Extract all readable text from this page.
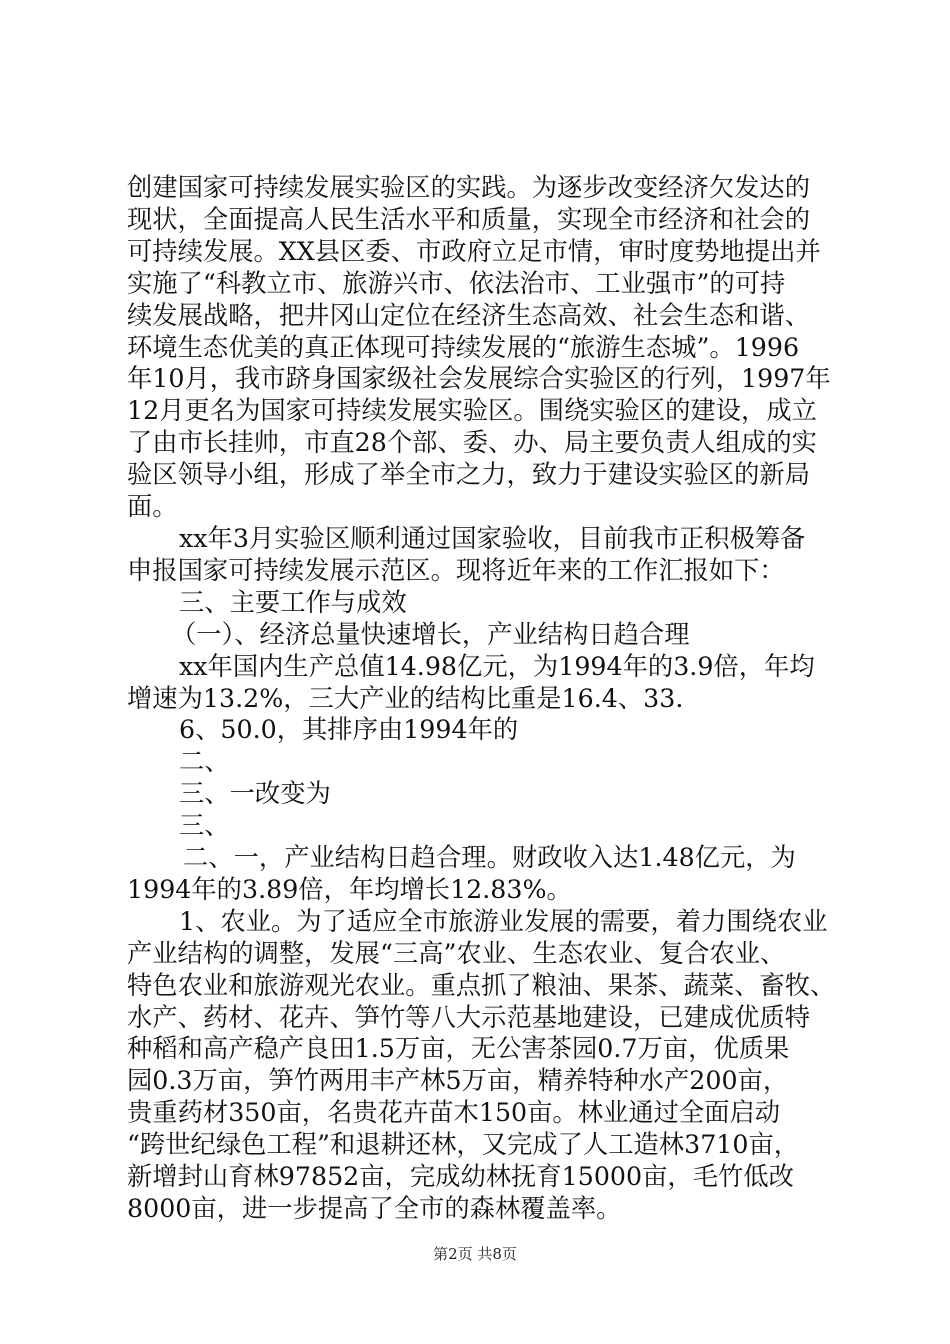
创建国家可持续发展实验区的实践。为逐步改变经济欠发达的
现状，全面提高人民生活水平和质量，实现全市经济和社会的
可持续发展。XX县区委、市政府立足市情，审时度势地提出并
实施了“科教立市、旅游兴市、依法治市、工业强市”的可持
续发展战略，把井冈山定位在经济生态高效、社会生态和谐、
环境生态优美的真正体现可持续发展的“旅游生态城”。1996
年10月，我市跻身国家级社会发展综合实验区的行列，1997年
12月更名为国家可持续发展实验区。围绕实验区的建设，成立
了由市长挂帅，市直28个部、委、办、局主要负责人组成的实
验区领导小组，形成了举全市之力，致力于建设实验区的新局
面。
xx年3月实验区顺利通过国家验收，目前我市正积极筹备
申报国家可持续发展示范区。现将近年来的工作汇报如下：
三、主要工作与成效
（一）、经济总量快速增长，产业结构日趋合理
xx年国内生产总值14.98亿元，为1994年的3.9倍，年均
增速为13.2%，三大产业的结构比重是16.4、33.
6、50.0，其排序由1994年的
二、
三、一改变为
三、
二、一，产业结构日趋合理。财政收入达1.48亿元，为
1994年的3.89倍，年均增长12.83%。
1、农业。为了适应全市旅游业发展的需要，着力围绕农业
产业结构的调整，发展“三高”农业、生态农业、复合农业、
特色农业和旅游观光农业。重点抓了粮油、果茶、蔬菜、畜牧、
水产、药材、花卉、笋竹等八大示范基地建设，已建成优质特
种稻和高产稳产良田1.5万亩，无公害茶园0.7万亩，优质果
园0.3万亩，笋竹两用丰产林5万亩，精养特种水产200亩，
贵重药材350亩，名贵花卉苗木150亩。林业通过全面启动
“跨世纪绿色工程”和退耕还林，又完成了人工造林3710亩，
新增封山育林97852亩，完成幼林抚育15000亩，毛竹低改
8000亩，进一步提高了全市的森林覆盖率。
第2页 共8页
